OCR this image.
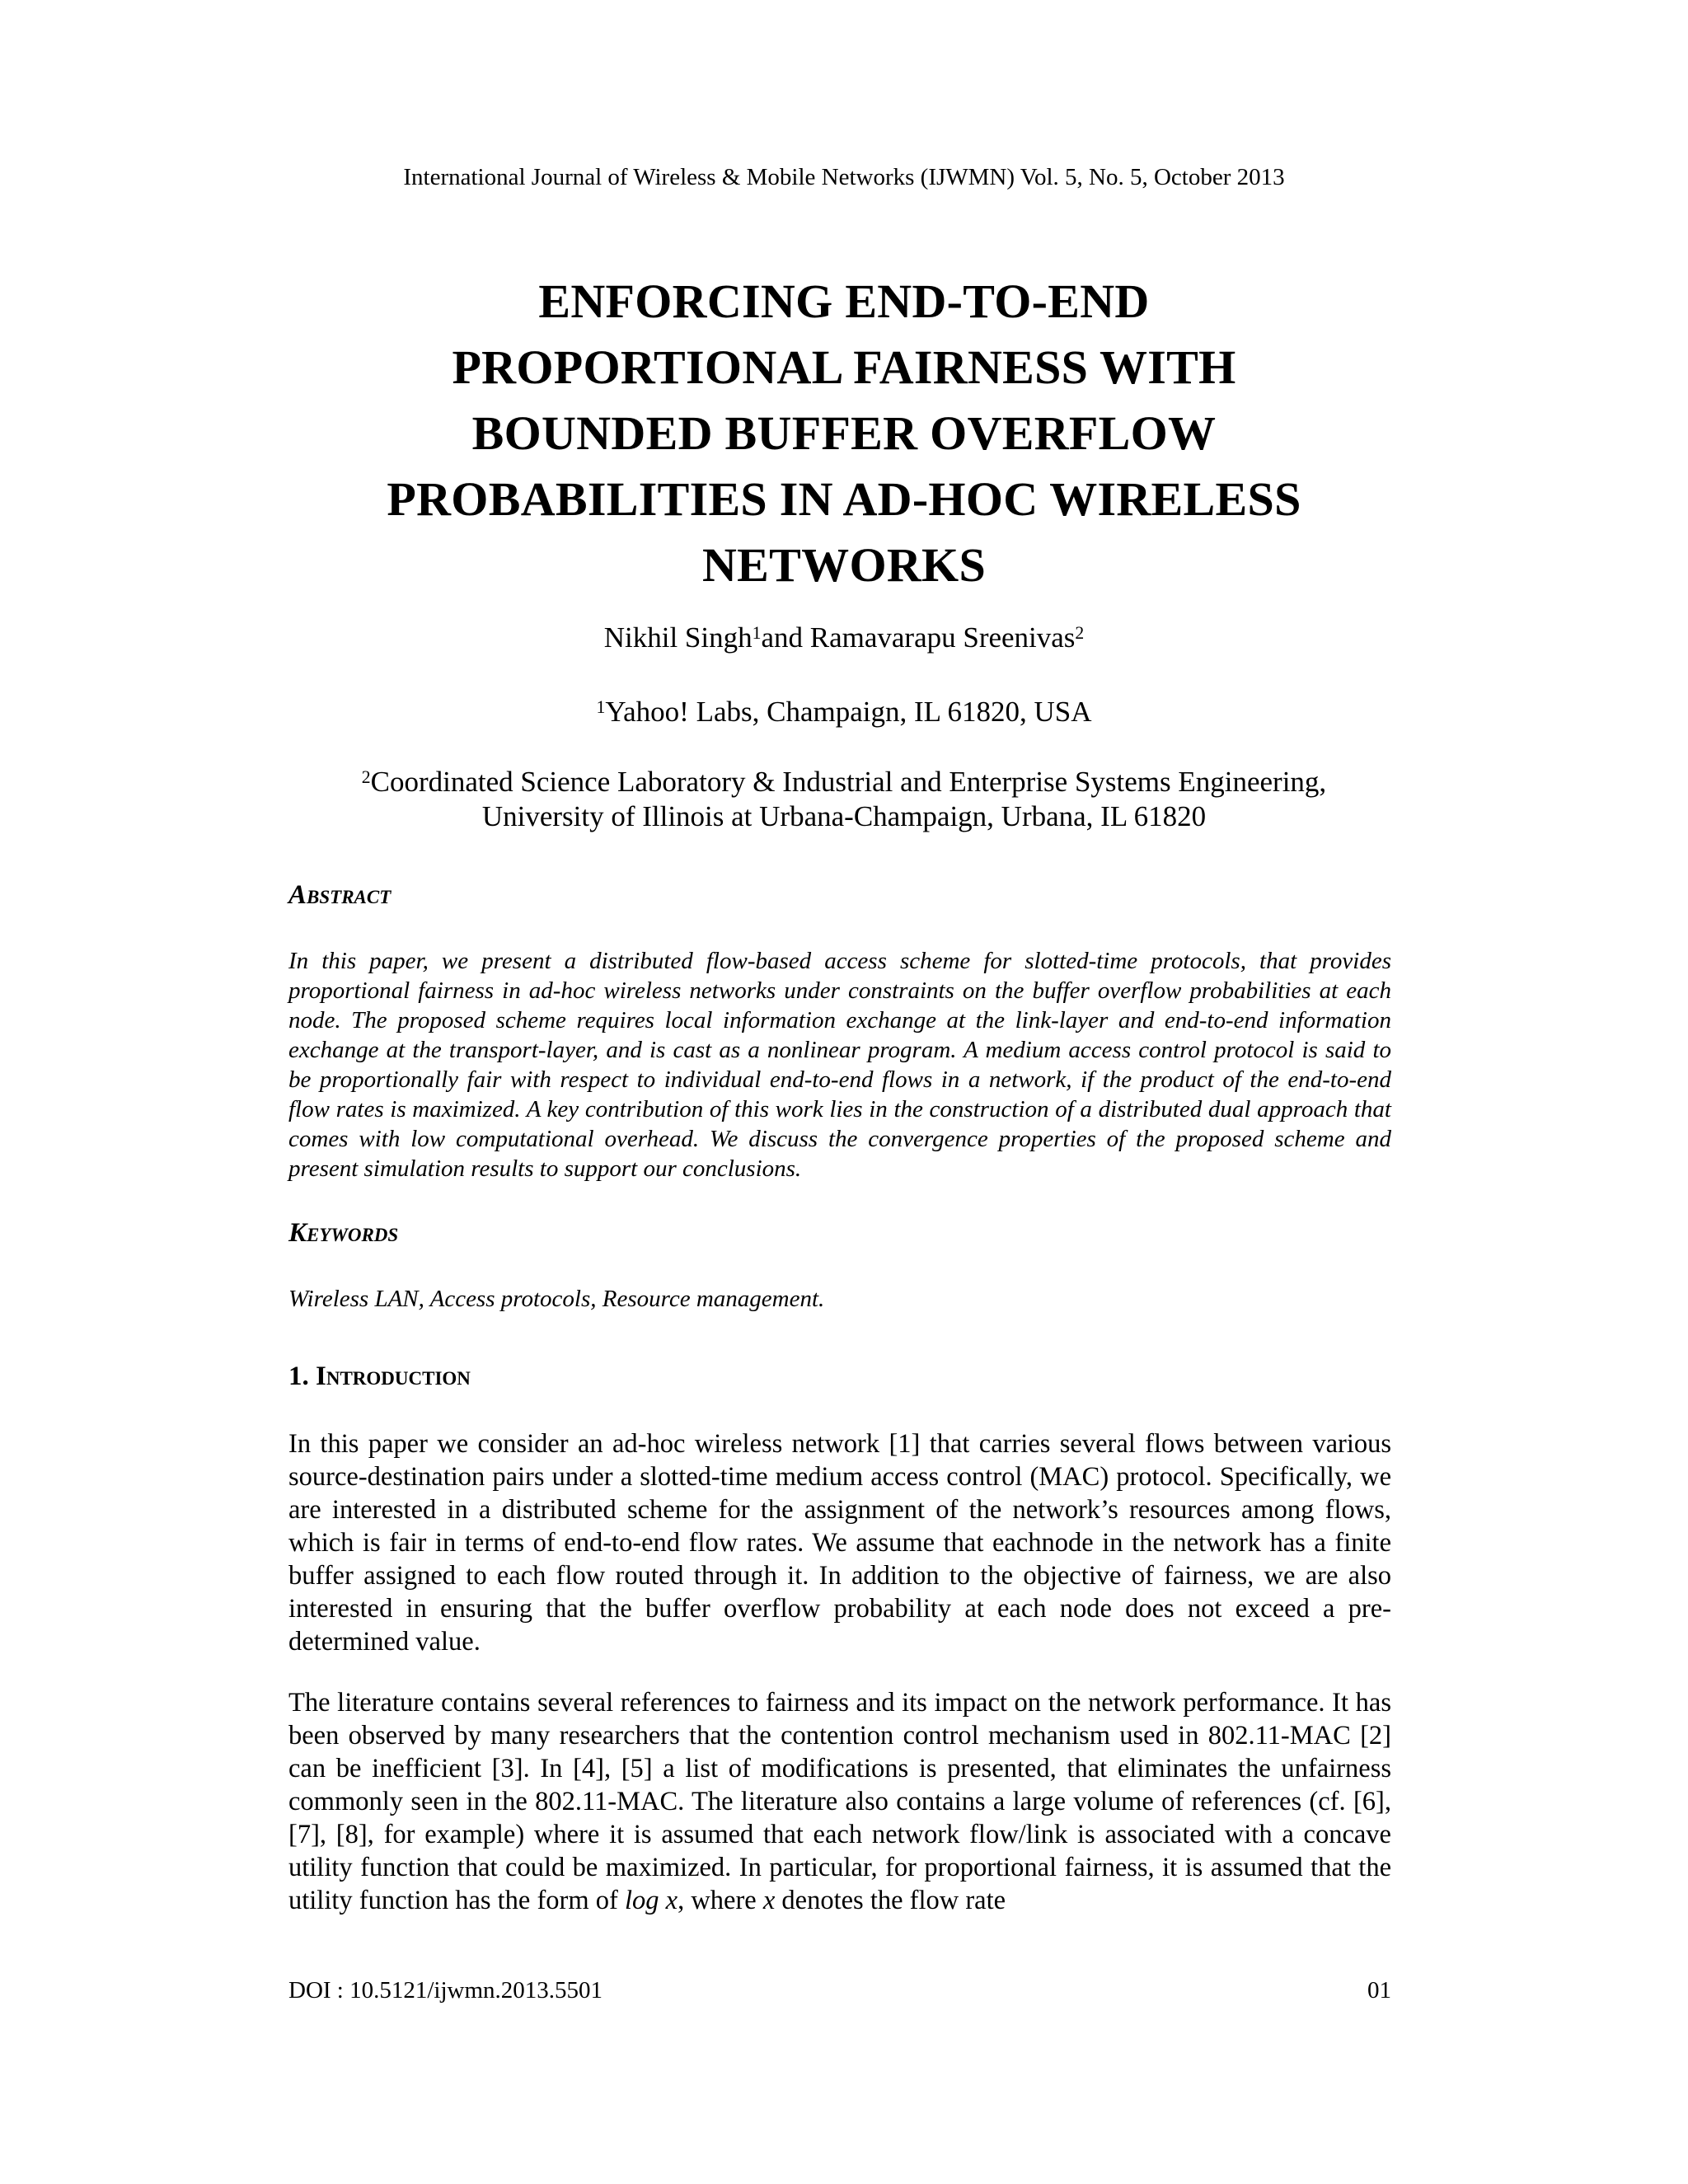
International Journal of Wireless & Mobile Networks (IJWMN) Vol. 5, No. 5, October 2013
ENFORCING END-TO-END
PROPORTIONAL FAIRNESS WITH
BOUNDED BUFFER OVERFLOW
PROBABILITIES IN AD-HOC WIRELESS
NETWORKS
Nikhil Singh$^1$and Ramavarapu Sreenivas$^2$
$^1$Yahoo! Labs, Champaign, IL 61820, USA
$^2$Coordinated Science Laboratory & Industrial and Enterprise Systems Engineering,
University of Illinois at Urbana-Champaign, Urbana, IL 61820
Abstract
In this paper, we present a distributed flow-based access scheme for slotted-time protocols, that provides proportional fairness in ad-hoc wireless networks under constraints on the buffer overflow probabilities at each node. The proposed scheme requires local information exchange at the link-layer and end-to-end information exchange at the transport-layer, and is cast as a nonlinear program. A medium access control protocol is said to be proportionally fair with respect to individual end-to-end flows in a network, if the product of the end-to-end flow rates is maximized. A key contribution of this work lies in the construction of a distributed dual approach that comes with low computational overhead. We discuss the convergence properties of the proposed scheme and present simulation results to support our conclusions.
Keywords
Wireless LAN, Access protocols, Resource management.
1. Introduction
In this paper we consider an ad-hoc wireless network [1] that carries several flows between various source-destination pairs under a slotted-time medium access control (MAC) protocol. Specifically, we are interested in a distributed scheme for the assignment of the network’s resources among flows, which is fair in terms of end-to-end flow rates. We assume that eachnode in the network has a finite buffer assigned to each flow routed through it. In addition to the objective of fairness, we are also interested in ensuring that the buffer overflow probability at each node does not exceed a pre-determined value.
The literature contains several references to fairness and its impact on the network performance. It has been observed by many researchers that the contention control mechanism used in 802.11-MAC [2] can be inefficient [3]. In [4], [5] a list of modifications is presented, that eliminates the unfairness commonly seen in the 802.11-MAC. The literature also contains a large volume of references (cf. [6], [7], [8], for example) where it is assumed that each network flow/link is associated with a concave utility function that could be maximized. In particular, for proportional fairness, it is assumed that the utility function has the form of log x, where x denotes the flow rate
DOI : 10.5121/ijwmn.2013.5501	01
